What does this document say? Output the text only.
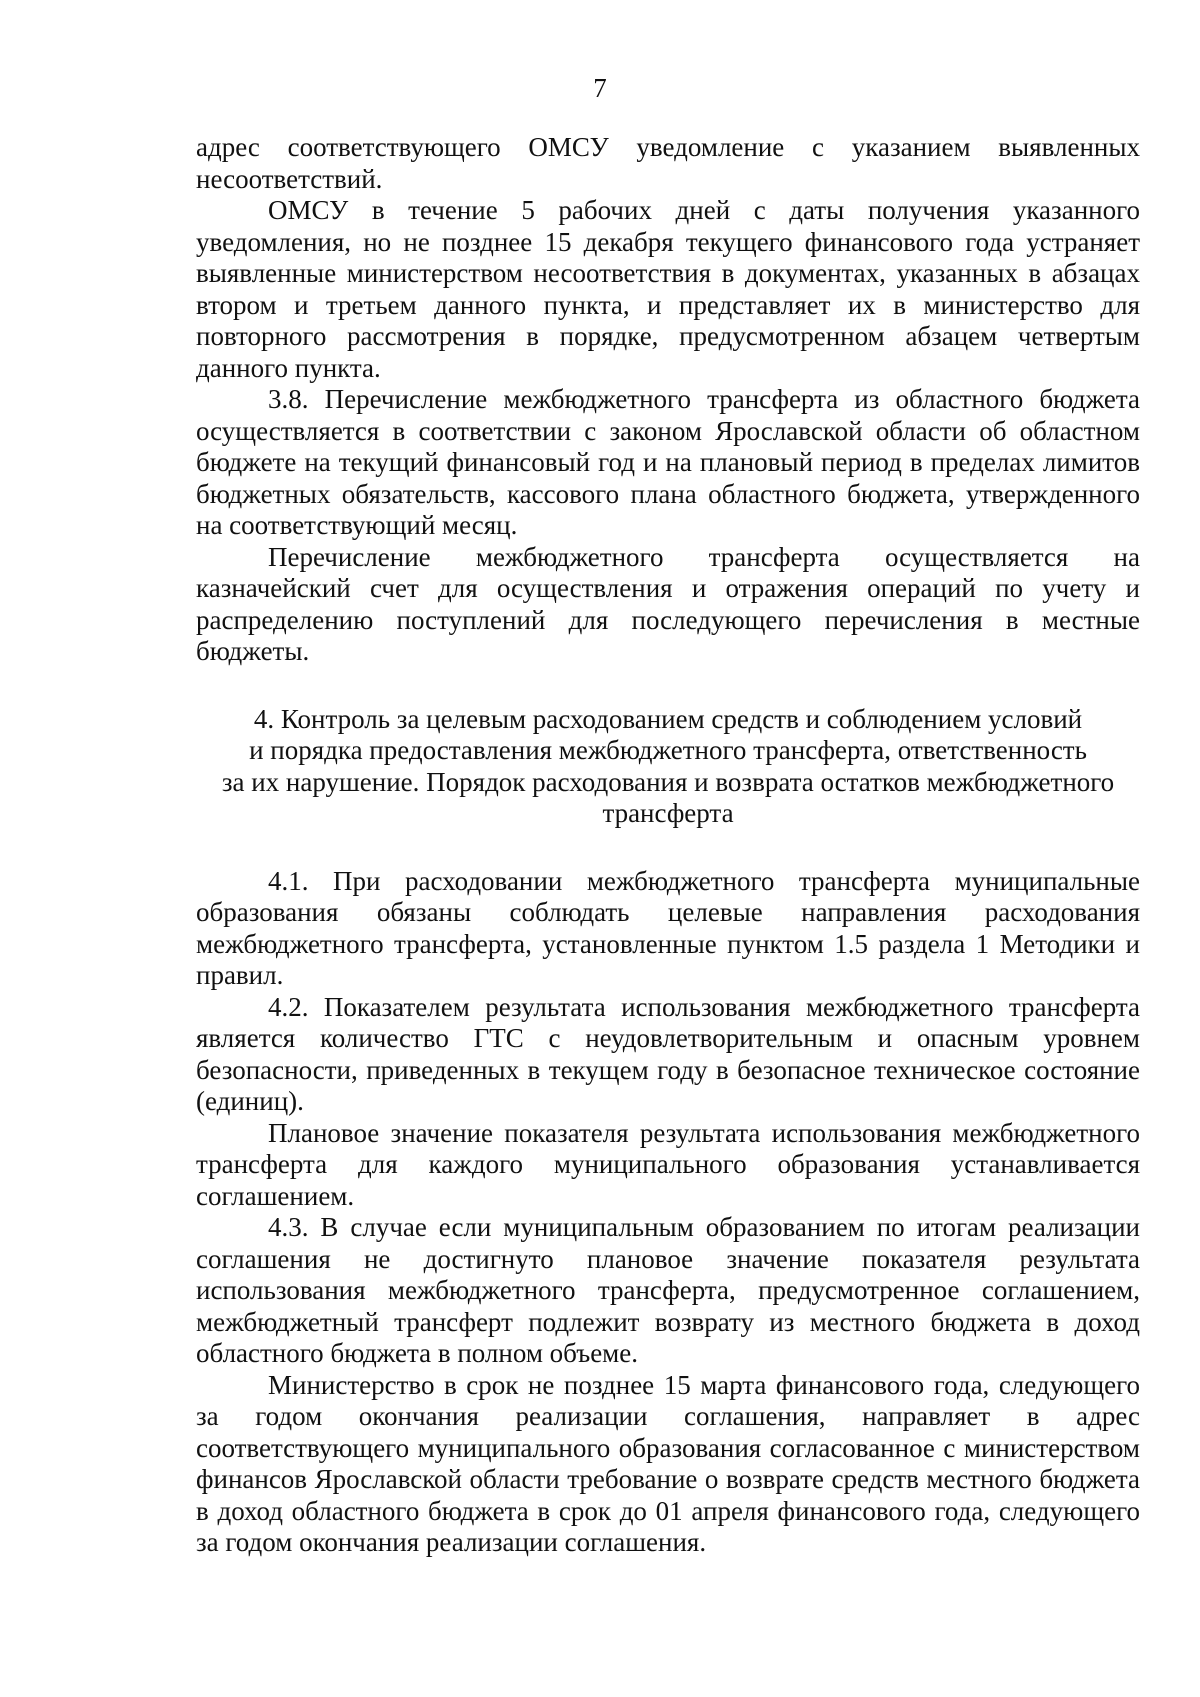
7

адрес соответствующего ОМСУ уведомление с указанием выявленных несоответствий.

ОМСУ в течение 5 рабочих дней с даты получения указанного уведомления, но не позднее 15 декабря текущего финансового года устраняет выявленные министерством несоответствия в документах, указанных в абзацах втором и третьем данного пункта, и представляет их в министерство для повторного рассмотрения в порядке, предусмотренном абзацем четвертым данного пункта.

3.8. Перечисление межбюджетного трансферта из областного бюджета осуществляется в соответствии с законом Ярославской области об областном бюджете на текущий финансовый год и на плановый период в пределах лимитов бюджетных обязательств, кассового плана областного бюджета, утвержденного на соответствующий месяц.

Перечисление межбюджетного трансферта осуществляется на казначейский счет для осуществления и отражения операций по учету и распределению поступлений для последующего перечисления в местные бюджеты.

4. Контроль за целевым расходованием средств и соблюдением условий
и порядка предоставления межбюджетного трансферта, ответственность
за их нарушение. Порядок расходования и возврата остатков межбюджетного
трансферта

4.1. При расходовании межбюджетного трансферта муниципальные образования обязаны соблюдать целевые направления расходования межбюджетного трансферта, установленные пунктом 1.5 раздела 1 Методики и правил.

4.2. Показателем результата использования межбюджетного трансферта является количество ГТС с неудовлетворительным и опасным уровнем безопасности, приведенных в текущем году в безопасное техническое состояние (единиц).

Плановое значение показателя результата использования межбюджетного трансферта для каждого муниципального образования устанавливается соглашением.

4.3. В случае если муниципальным образованием по итогам реализации соглашения не достигнуто плановое значение показателя результата использования межбюджетного трансферта, предусмотренное соглашением, межбюджетный трансферт подлежит возврату из местного бюджета в доход областного бюджета в полном объеме.

Министерство в срок не позднее 15 марта финансового года, следующего за годом окончания реализации соглашения, направляет в адрес соответствующего муниципального образования согласованное с министерством финансов Ярославской области требование о возврате средств местного бюджета в доход областного бюджета в срок до 01 апреля финансового года, следующего за годом окончания реализации соглашения.
